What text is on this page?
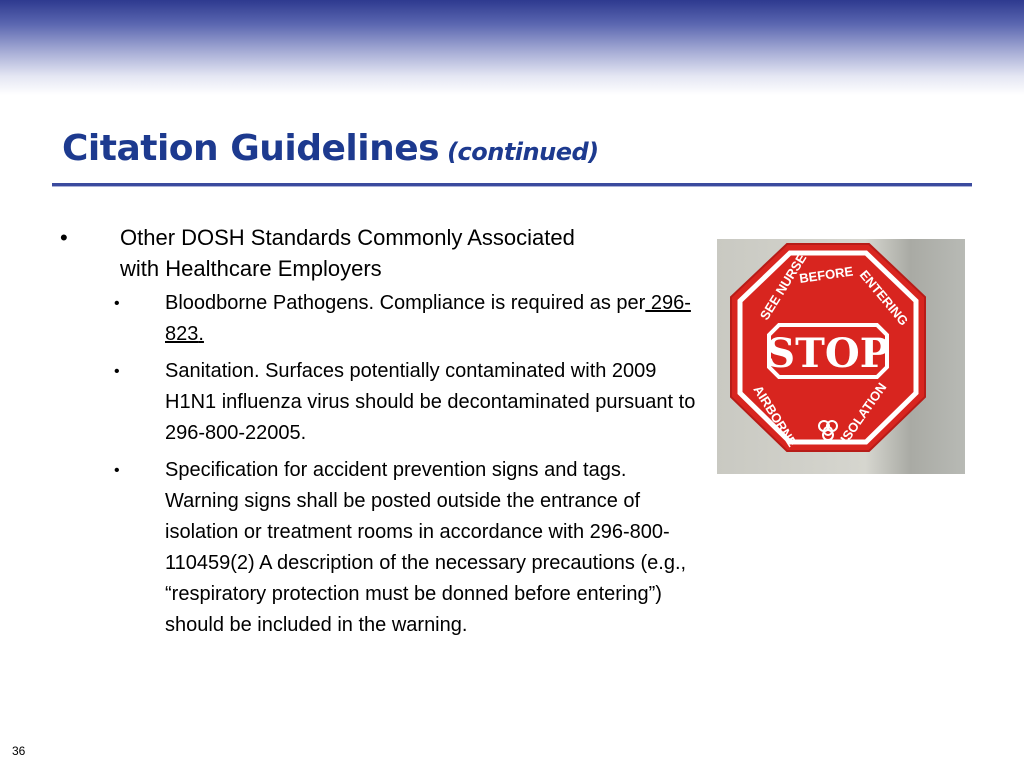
Citation Guidelines (continued)

• Other DOSH Standards Commonly Associated with Healthcare Employers

• Bloodborne Pathogens. Compliance is required as per 296-823.

• Sanitation. Surfaces potentially contaminated with 2009 H1N1 influenza virus should be decontaminated pursuant to 296-800-22005.

• Specification for accident prevention signs and tags. Warning signs shall be posted outside the entrance of isolation or treatment rooms in accordance with 296-800-110459(2) A description of the necessary precautions (e.g., “respiratory protection must be donned before entering”) should be included in the warning.

STOP
SEE NURSE
BEFORE ENTERING
AIRBORNE	ISOLATION
36
